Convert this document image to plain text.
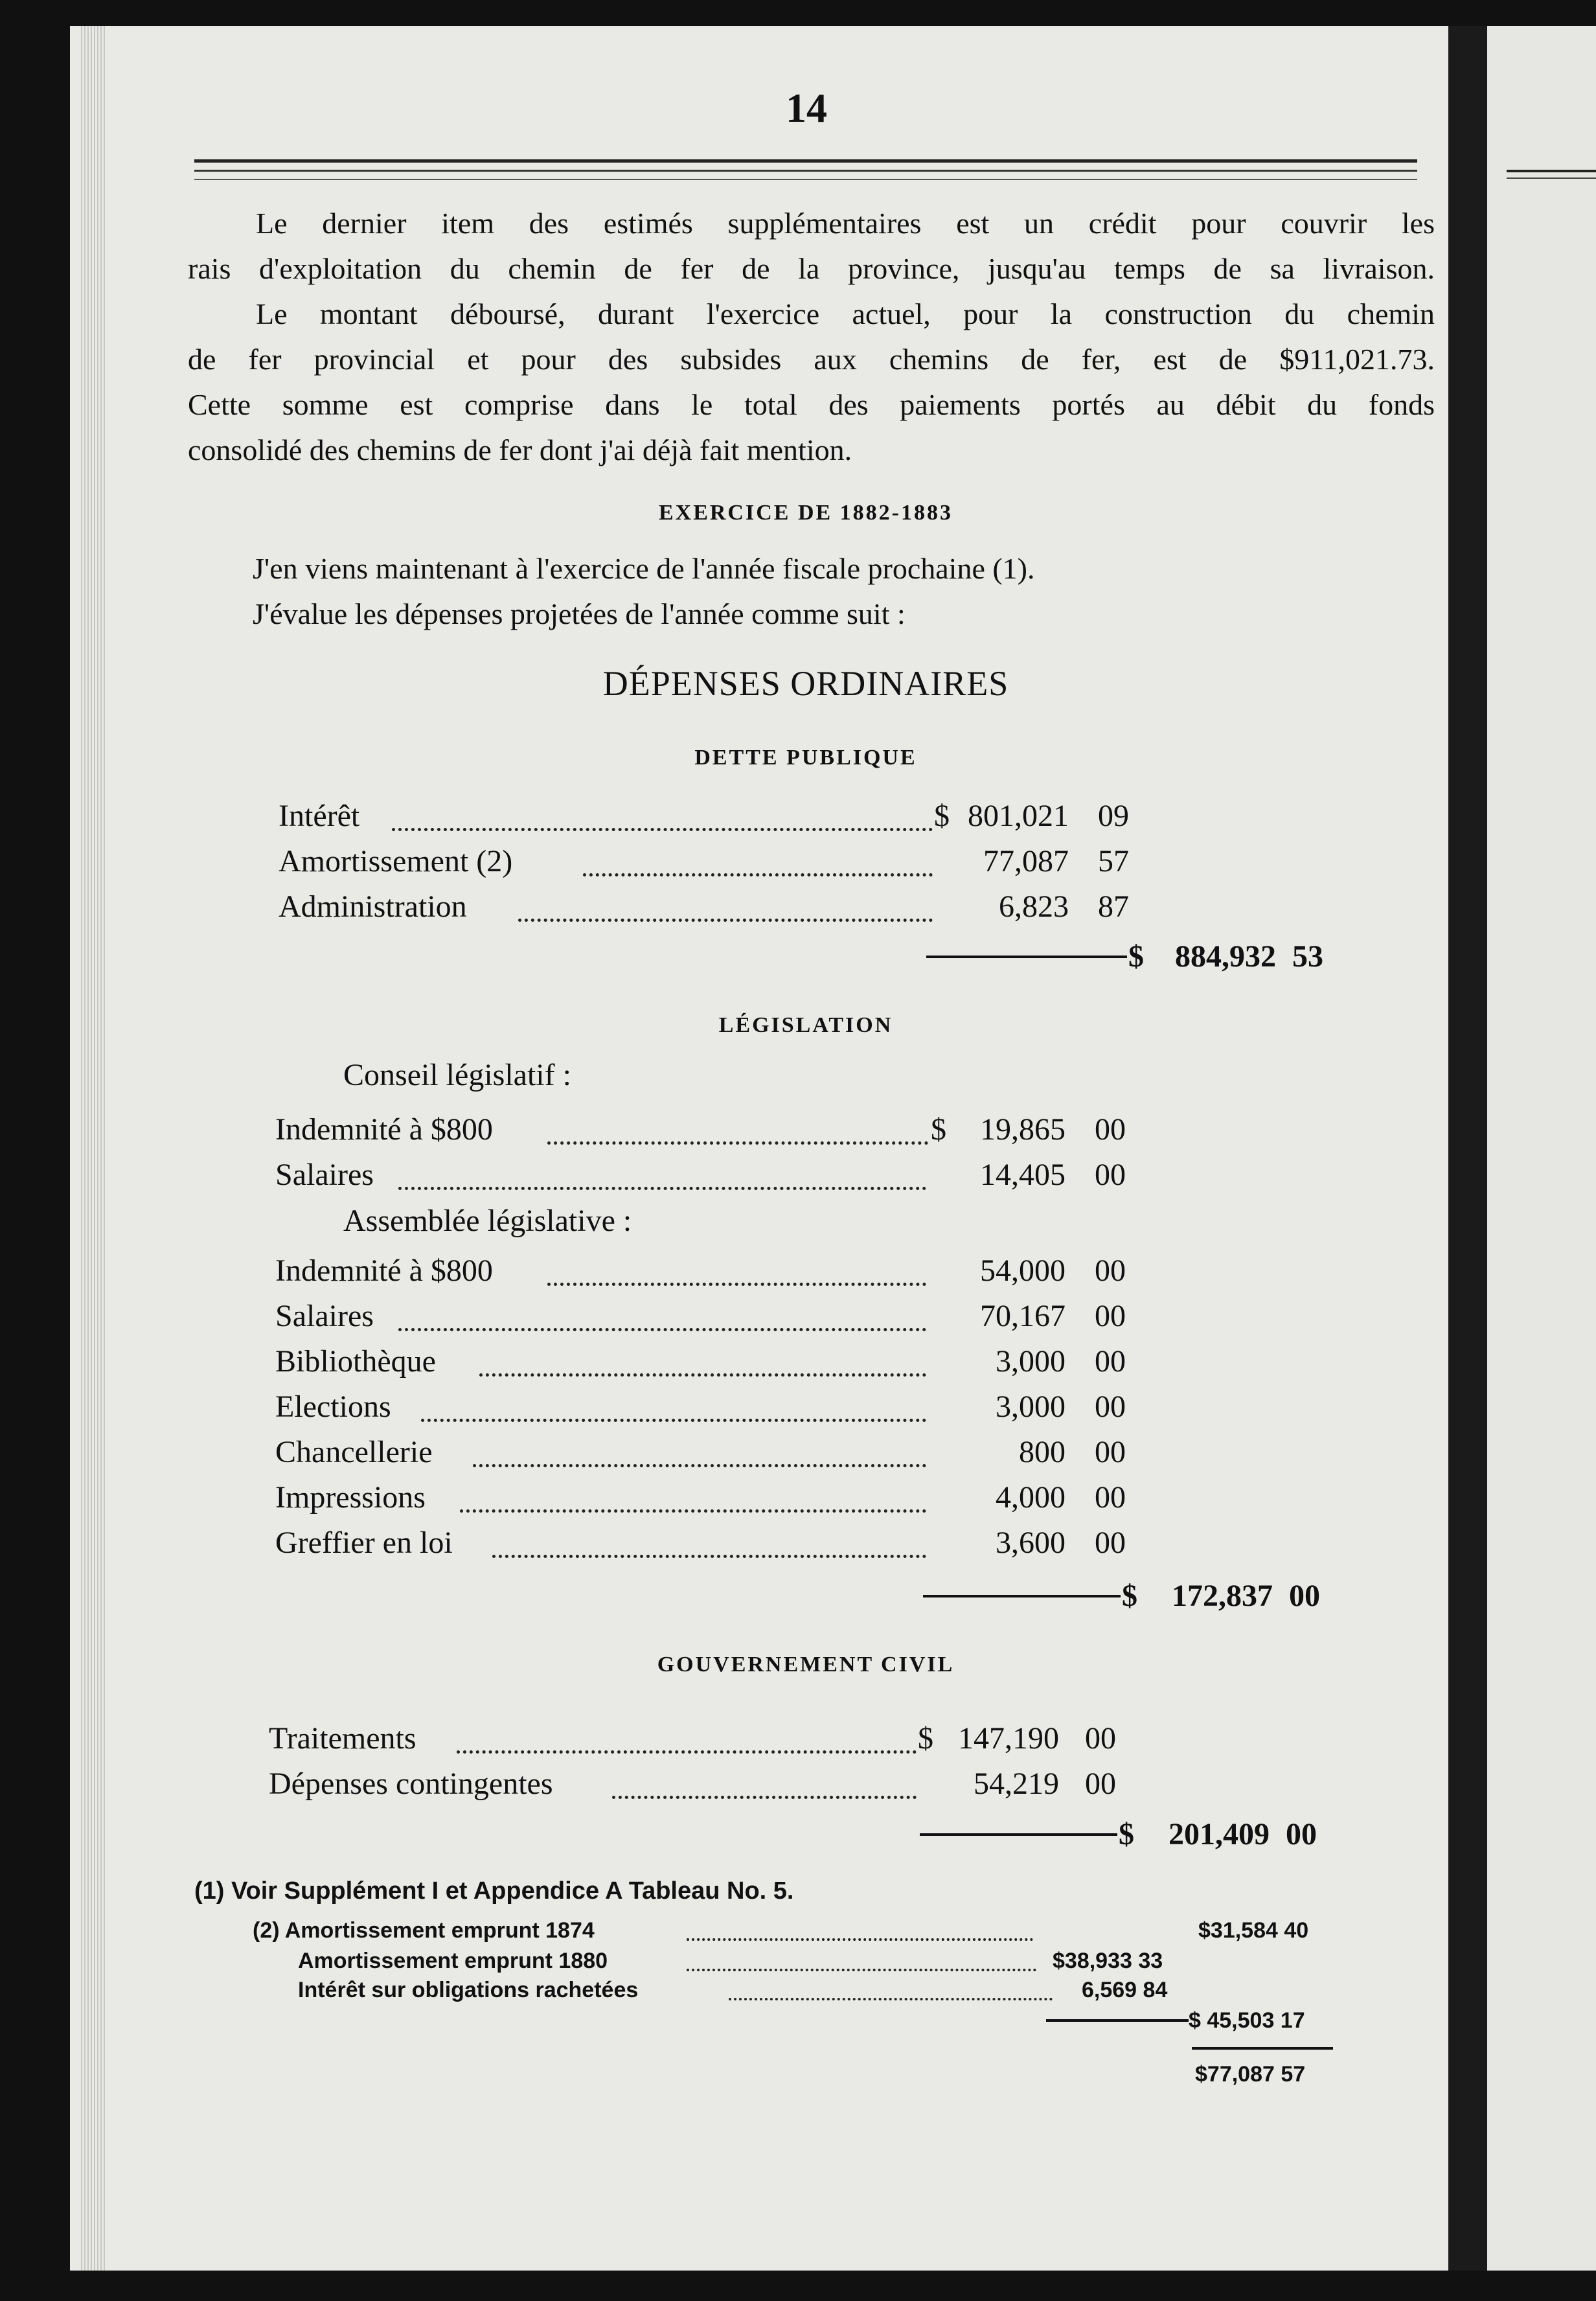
14
Le dernier item des estimés supplémentaires est un crédit pour couvrir les
rais d'exploitation du chemin de fer de la province, jusqu'au temps de sa livraison.
Le montant déboursé, durant l'exercice actuel, pour la construction du chemin
de fer provincial et pour des subsides aux chemins de fer, est de $911,021.73.
Cette somme est comprise dans le total des paiements portés au débit du fonds
consolidé des chemins de fer dont j'ai déjà fait mention.
EXERCICE DE 1882-1883
J'en viens maintenant à l'exercice de l'année fiscale prochaine (1).
J'évalue les dépenses projetées de l'année comme suit :
DÉPENSES ORDINAIRES
DETTE PUBLIQUE
Intérêt	$ 801,021 09
Amortissement (2)	77,087 57
Administration	6,823 87
$	884,932 53
LÉGISLATION
Conseil législatif :
Indemnité à $800	$	19,865 00
Salaires	14,405 00
Assemblée législative :
Indemnité à $800	54,000 00
Salaires	70,167 00
Bibliothèque	3,000 00
Elections	3,000 00
Chancellerie	800 00
Impressions	4,000 00
Greffier en loi	3,600 00
$	172,837 00
GOUVERNEMENT CIVIL
Traitements	$ 147,190 00
Dépenses contingentes	54,219 00
$	201,409 00
(1) Voir Supplément I et Appendice A Tableau No. 5.
(2) Amortissement emprunt 1874	$31,584 40
Amortissement emprunt 1880	$38,933 33
Intérêt sur obligations rachetées	6,569 84
$ 45,503 17
$77,087 57
